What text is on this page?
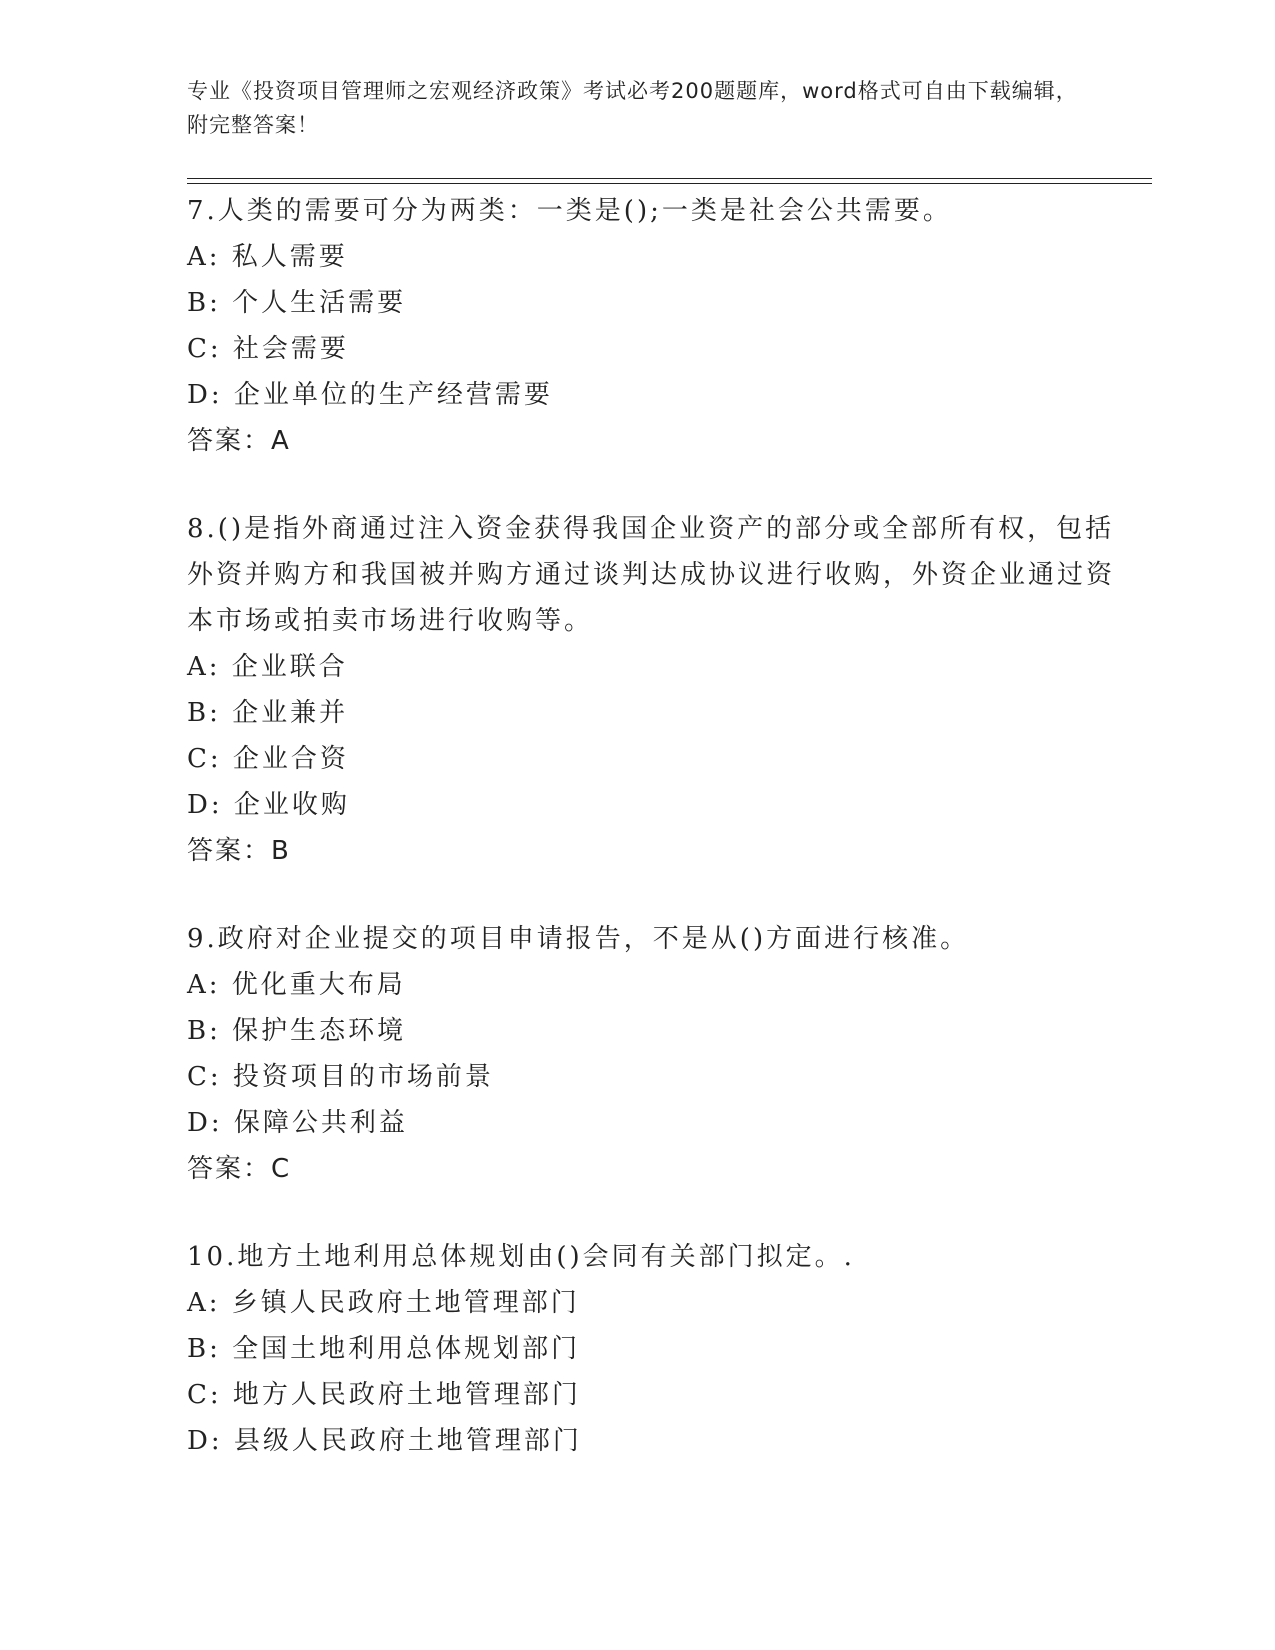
专业《投资项目管理师之宏观经济政策》考试必考200题题库，word格式可自由下载编辑，附完整答案！
7.人类的需要可分为两类：一类是();一类是社会公共需要。
A: 私人需要
B: 个人生活需要
C: 社会需要
D: 企业单位的生产经营需要
答案：A
8.()是指外商通过注入资金获得我国企业资产的部分或全部所有权，包括外资并购方和我国被并购方通过谈判达成协议进行收购，外资企业通过资本市场或拍卖市场进行收购等。
A: 企业联合
B: 企业兼并
C: 企业合资
D: 企业收购
答案：B
9.政府对企业提交的项目申请报告，不是从()方面进行核准。
A: 优化重大布局
B: 保护生态环境
C: 投资项目的市场前景
D: 保障公共利益
答案：C
10.地方土地利用总体规划由()会同有关部门拟定。.
A: 乡镇人民政府土地管理部门
B: 全国土地利用总体规划部门
C: 地方人民政府土地管理部门
D: 县级人民政府土地管理部门
